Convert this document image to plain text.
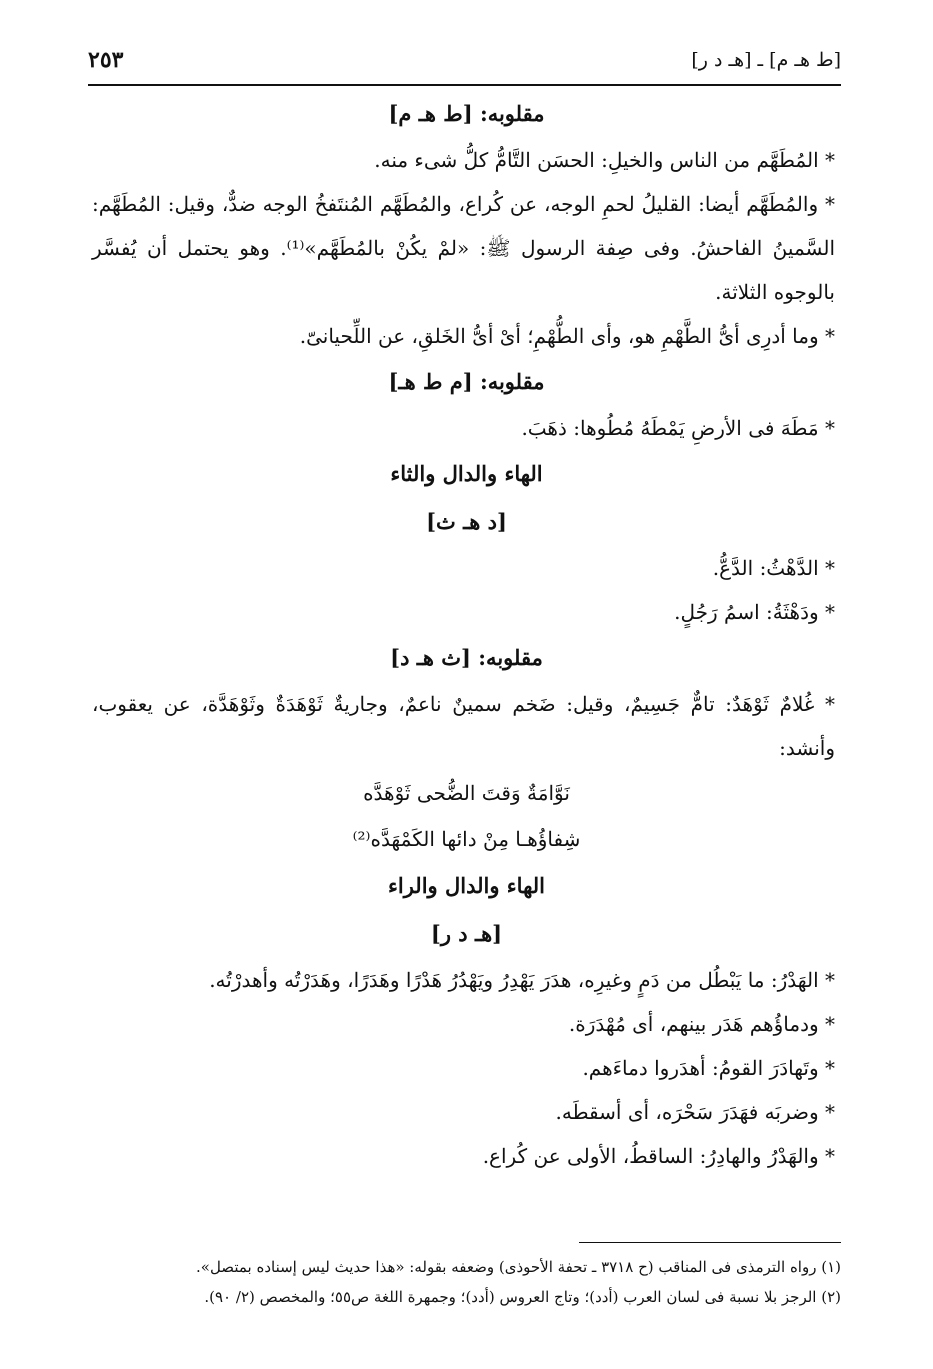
[ط هـ م] ـ [هـ د ر]
٢٥٣

مقلوبه: [ط هـ م]

* المُطَهَّم من الناس والخيلِ: الحسَن التَّامُّ كلُّ شىء منه.

* والمُطَهَّم أيضا: القليلُ لحمِ الوجه، عن كُراع، والمُطَهَّم المُنتَفخُ الوجه ضدٌّ، وقيل: المُطَهَّم: السَّمينُ الفاحشُ. وفى صِفة الرسول ﷺ: «لمْ يكُنْ بالمُطَهَّم»⁽¹⁾. وهو يحتمل أن يُفسَّر بالوجوه الثلاثة.

* وما أدرِى أىُّ الطَّهْمِ هو، وأى الطُّهْمِ؛ أىْ أىُّ الخَلقِ، عن اللِّحيانىّ.

مقلوبه: [م ط هـ]

* مَطَهَ فى الأرضِ يَمْطَهُ مُطُوها: ذهَبَ.

الهاء والدال والثاء

[د هـ ث]

* الدَّهْثُ: الدَّعُّ.

* ودَهْثَةُ: اسمُ رَجُلٍ.

مقلوبه: [ث هـ د]

* غُلامٌ ثَوْهَدٌ: تامٌّ جَسِيمٌ، وقيل: ضَخم سمينٌ ناعمٌ، وجاريةٌ ثَوْهَدَةٌ وثَوْهَدَّة، عن يعقوب، وأنشد:

نَوَّامَةٌ وَقتَ الضُّحى ثَوْهَدَّه

شِفاؤُهـا مِنْ دائها الكَمْهَدَّه⁽²⁾

الهاء والدال والراء

[هـ د ر]

* الهَدْرُ: ما يَبْطُل من دَمٍ وغيرِه، هدَرَ يَهْدِرُ ويَهْدُرُ هَدْرًا وهَدَرًا، وهَدَرْتُه وأهدرْتُه.

* ودماؤُهم هَدَر بينهم، أى مُهْدَرَة.

* وتَهادَرَ القومُ: أهدَروا دماءَهم.

* وضربَه فهَدَرَ سَحْرَه، أى أسقطَه.

* والهَدْرُ والهادِرُ: الساقطُ، الأولى عن كُراع.

(١) رواه الترمذى فى المناقب (ح ٣٧١٨ ـ تحفة الأحوذى) وضعفه بقوله: «هذا حديث ليس إسناده بمتصل».

(٢) الرجز بلا نسبة فى لسان العرب (أدد)؛ وتاج العروس (أدد)؛ وجمهرة اللغة ص٥٥؛ والمخصص (٢/ ٩٠).
